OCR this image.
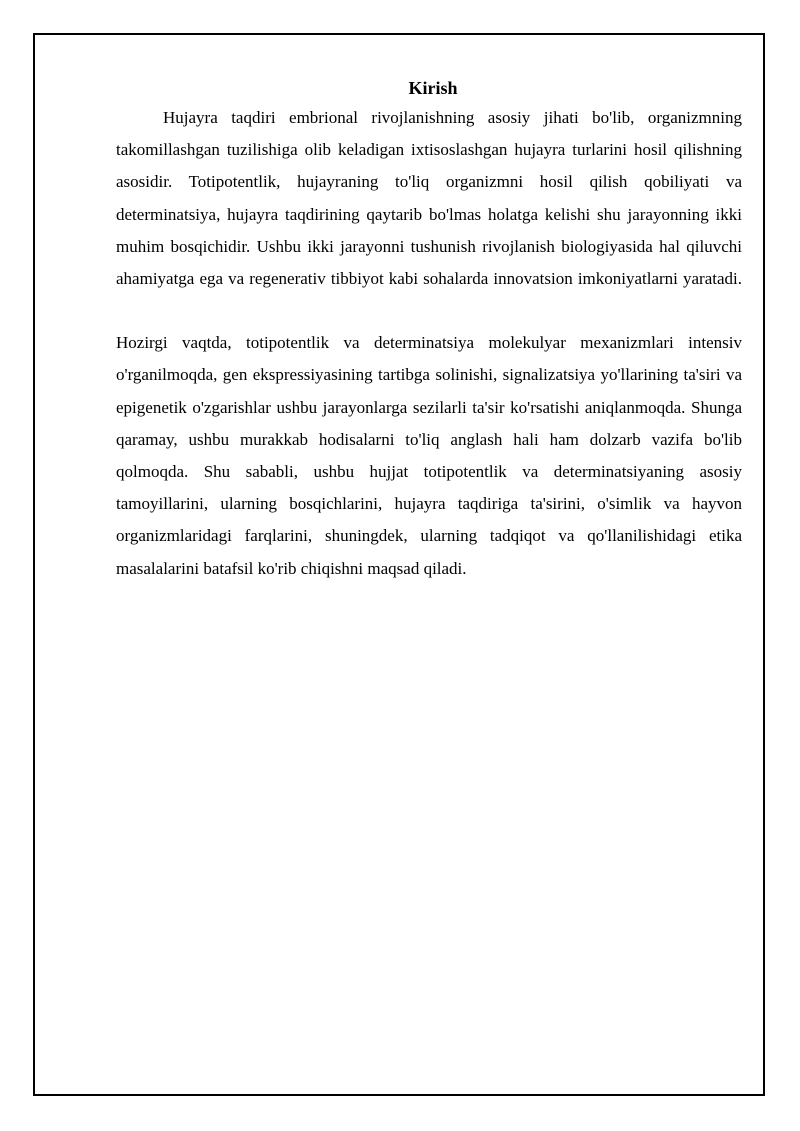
Kirish

Hujayra taqdiri embrional rivojlanishning asosiy jihati bo'lib, organizmning takomillashgan tuzilishiga olib keladigan ixtisoslashgan hujayra turlarini hosil qilishning asosidir. Totipotentlik, hujayraning to'liq organizmni hosil qilish qobiliyati va determinatsiya, hujayra taqdirining qaytarib bo'lmas holatga kelishi shu jarayonning ikki muhim bosqichidir. Ushbu ikki jarayonni tushunish rivojlanish biologiyasida hal qiluvchi ahamiyatga ega va regenerativ tibbiyot kabi sohalarda innovatsion imkoniyatlarni yaratadi.

Hozirgi vaqtda, totipotentlik va determinatsiya molekulyar mexanizmlari intensiv o'rganilmoqda, gen ekspressiyasining tartibga solinishi, signalizatsiya yo'llarining ta'siri va epigenetik o'zgarishlar ushbu jarayonlarga sezilarli ta'sir ko'rsatishi aniqlanmoqda. Shunga qaramay, ushbu murakkab hodisalarni to'liq anglash hali ham dolzarb vazifa bo'lib qolmoqda. Shu sababli, ushbu hujjat totipotentlik va determinatsiyaning asosiy tamoyillarini, ularning bosqichlarini, hujayra taqdiriga ta'sirini, o'simlik va hayvon organizmlaridagi farqlarini, shuningdek, ularning tadqiqot va qo'llanilishidagi etika masalalarini batafsil ko'rib chiqishni maqsad qiladi.
